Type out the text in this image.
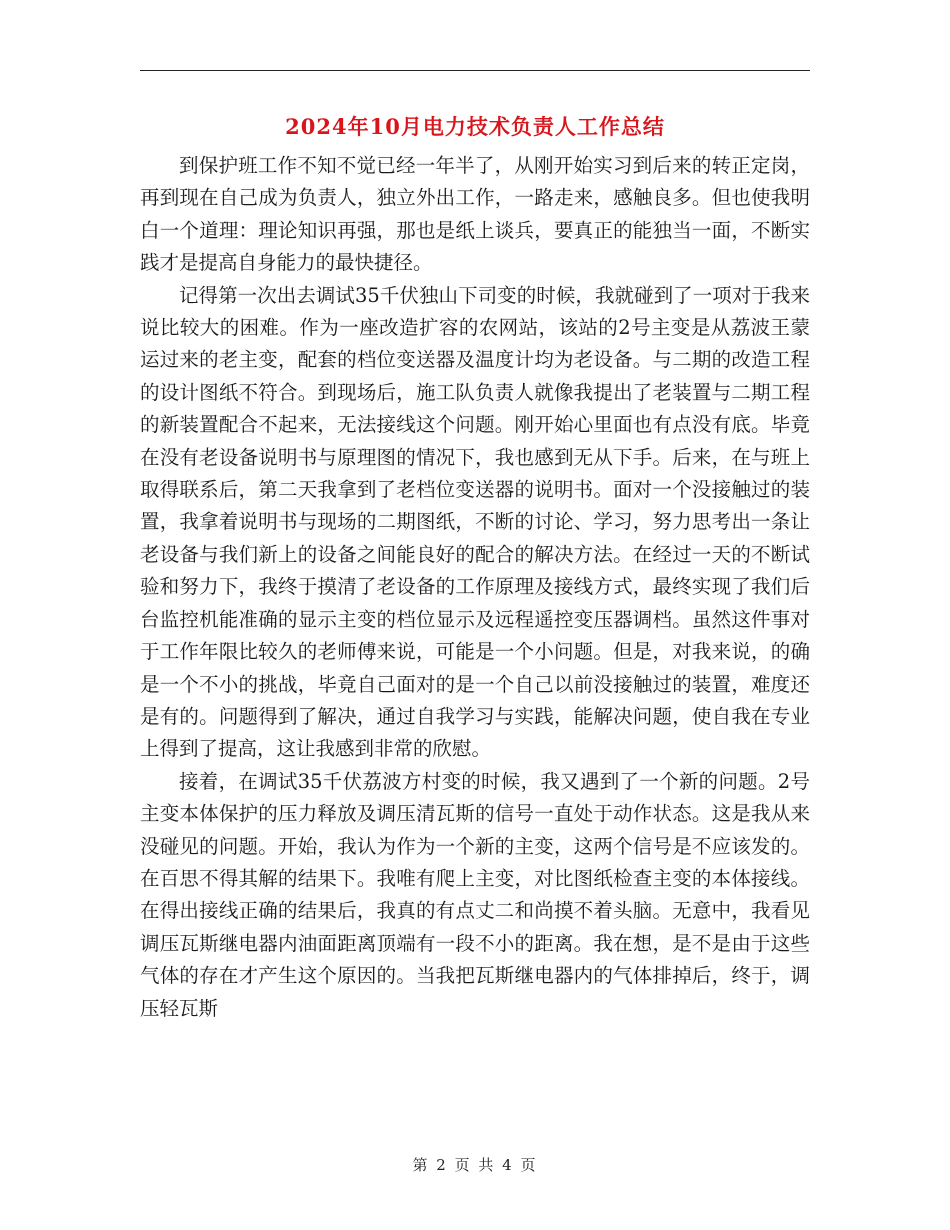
2024年10月电力技术负责人工作总结

到保护班工作不知不觉已经一年半了，从刚开始实习到后来的转正定岗，再到现在自己成为负责人，独立外出工作，一路走来，感触良多。但也使我明白一个道理：理论知识再强，那也是纸上谈兵，要真正的能独当一面，不断实践才是提高自身能力的最快捷径。

记得第一次出去调试35千伏独山下司变的时候，我就碰到了一项对于我来说比较大的困难。作为一座改造扩容的农网站，该站的2号主变是从荔波王蒙运过来的老主变，配套的档位变送器及温度计均为老设备。与二期的改造工程的设计图纸不符合。到现场后，施工队负责人就像我提出了老装置与二期工程的新装置配合不起来，无法接线这个问题。刚开始心里面也有点没有底。毕竟在没有老设备说明书与原理图的情况下，我也感到无从下手。后来，在与班上取得联系后，第二天我拿到了老档位变送器的说明书。面对一个没接触过的装置，我拿着说明书与现场的二期图纸，不断的讨论、学习，努力思考出一条让老设备与我们新上的设备之间能良好的配合的解决方法。在经过一天的不断试验和努力下，我终于摸清了老设备的工作原理及接线方式，最终实现了我们后台监控机能准确的显示主变的档位显示及远程遥控变压器调档。虽然这件事对于工作年限比较久的老师傅来说，可能是一个小问题。但是，对我来说，的确是一个不小的挑战，毕竟自己面对的是一个自己以前没接触过的装置，难度还是有的。问题得到了解决，通过自我学习与实践，能解决问题，使自我在专业上得到了提高，这让我感到非常的欣慰。

接着，在调试35千伏荔波方村变的时候，我又遇到了一个新的问题。2号主变本体保护的压力释放及调压清瓦斯的信号一直处于动作状态。这是我从来没碰见的问题。开始，我认为作为一个新的主变，这两个信号是不应该发的。在百思不得其解的结果下。我唯有爬上主变，对比图纸检查主变的本体接线。在得出接线正确的结果后，我真的有点丈二和尚摸不着头脑。无意中，我看见调压瓦斯继电器内油面距离顶端有一段不小的距离。我在想，是不是由于这些气体的存在才产生这个原因的。当我把瓦斯继电器内的气体排掉后，终于，调压轻瓦斯

第 2 页 共 4 页
